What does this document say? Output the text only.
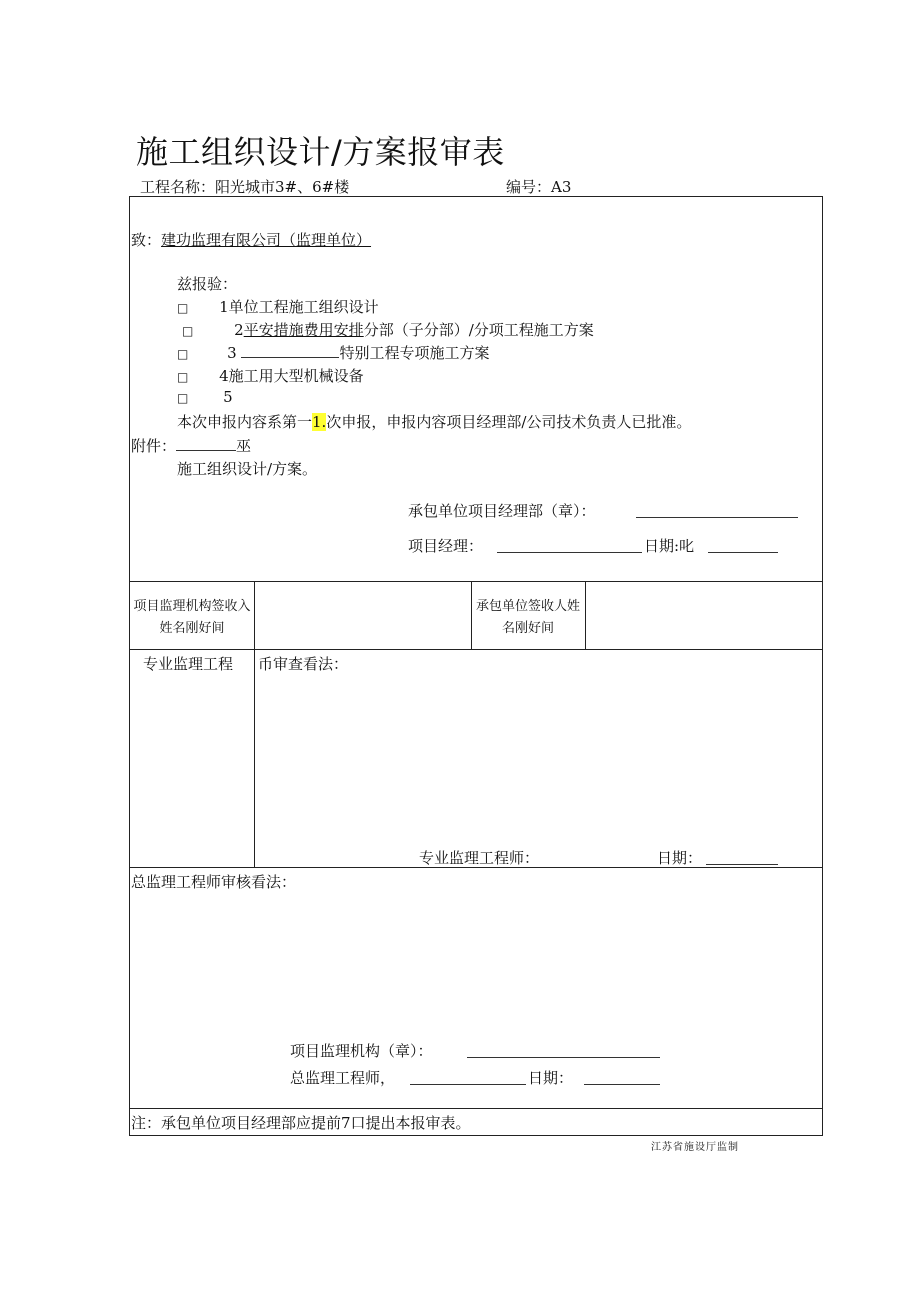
施工组织设计/方案报审表
工程名称：阳光城市3#、6#楼	编号：A3
致：建功监理有限公司（监理单位）
兹报验：
□ 1单位工程施工组织设计
□	2平安措施费用安排分部（子分部）/分项工程施工方案
□	3	特别工程专项施工方案
□ 4施工用大型机械设备
□ 5
本次申报内容系第一1.次申报，申报内容项目经理部/公司技术负责人已批准。
附件：	巫
施工组织设计/方案。
承包单位项目经理部（章）：
项目经理：	日期:叱
项目监理机构签收入姓名刚好间
承包单位签收人姓名刚好间
专业监理工程 币审查看法：
专业监理工程师：	日期：
总监理工程师审核看法：
项目监理机构（章）：
总监理工程师，	日期：
注：承包单位项目经理部应提前7口提出本报审表。
江苏省施设厅监制
